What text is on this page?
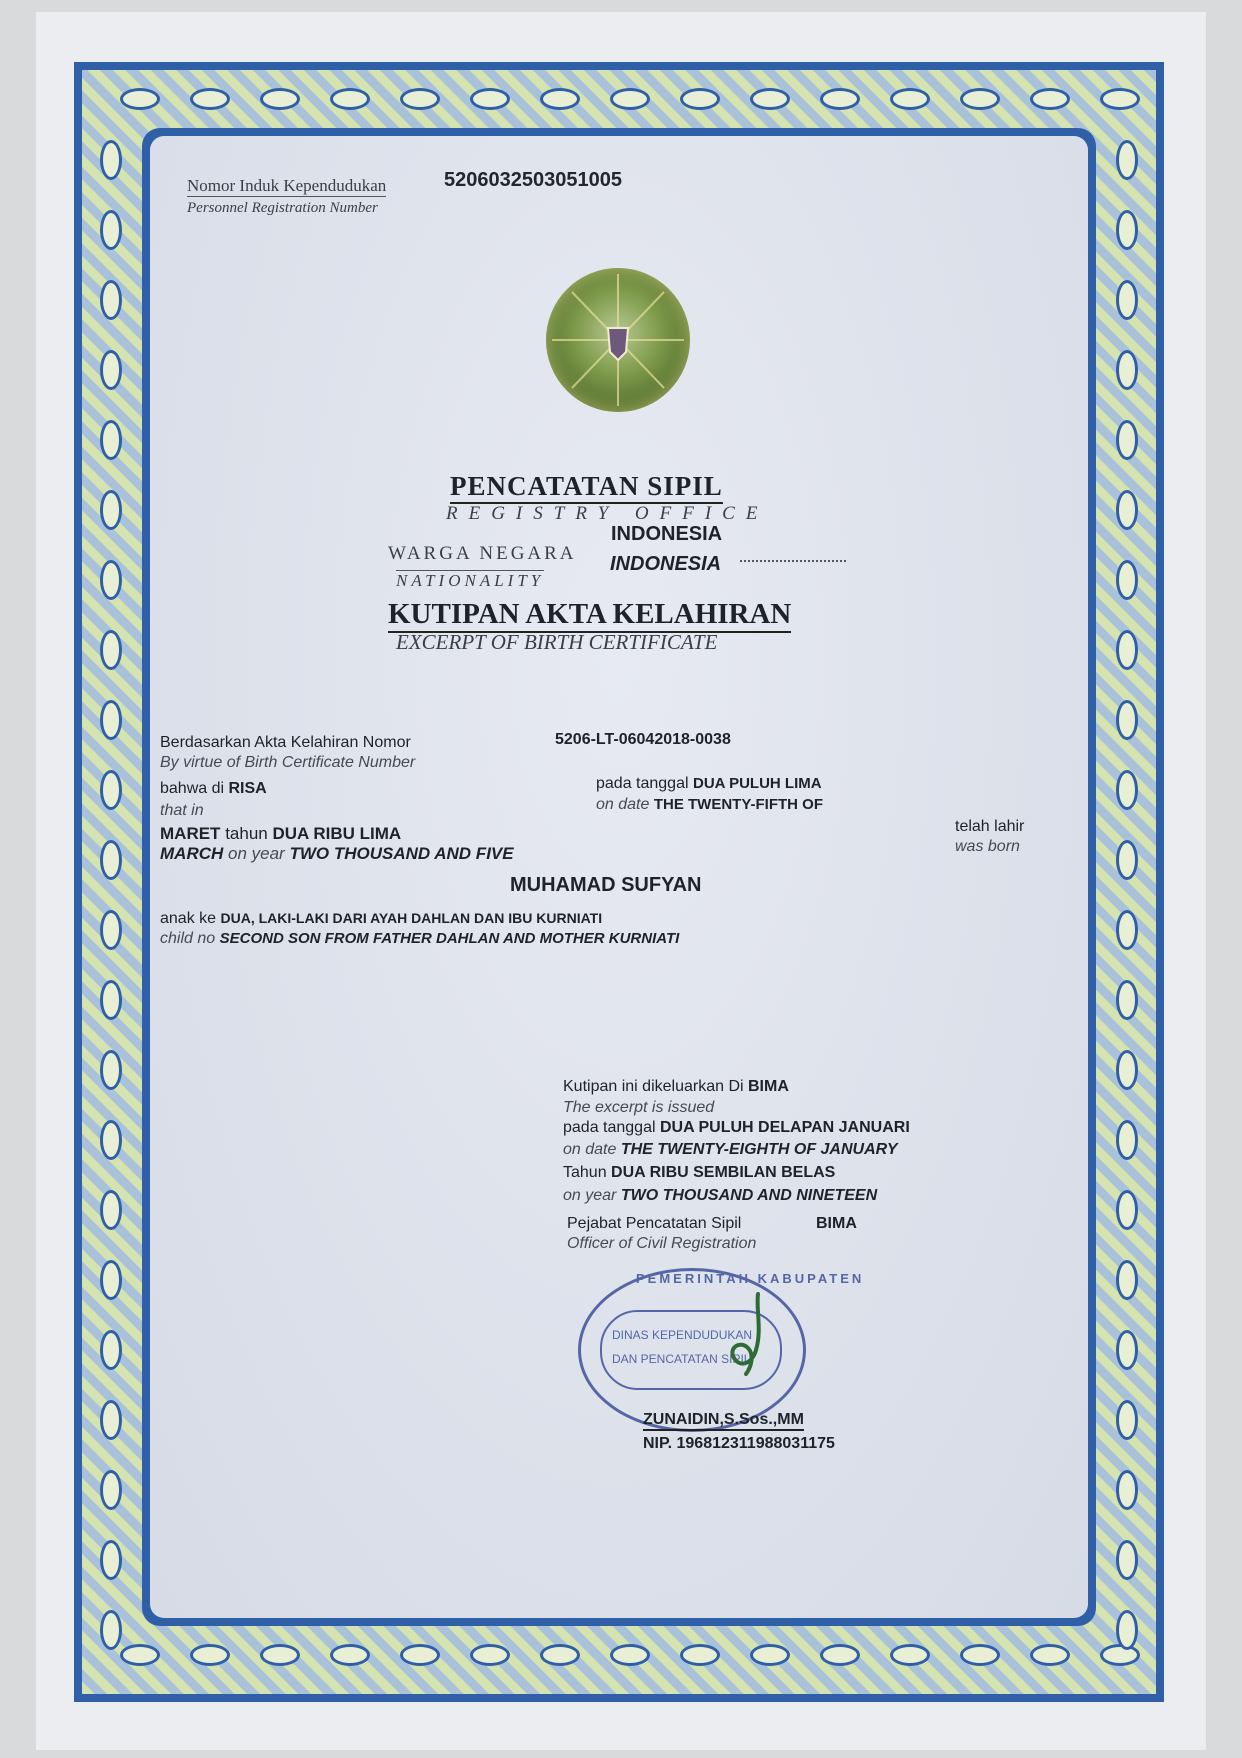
Nomor Induk Kependudukan
Personnel Registration Number
5206032503051005
PENCATATAN SIPIL
REGISTRY OFFICE
WARGA NEGARA
NATIONALITY
INDONESIA
INDONESIA
KUTIPAN AKTA KELAHIRAN
EXCERPT OF BIRTH CERTIFICATE
Berdasarkan Akta Kelahiran Nomor
By virtue of Birth Certificate Number
5206-LT-06042018-0038
bahwa di RISA
that in
pada tanggal DUA PULUH LIMA
on date THE TWENTY-FIFTH OF
MARET tahun DUA RIBU LIMA
MARCH on year TWO THOUSAND AND FIVE
telah lahir
was born
MUHAMAD SUFYAN
anak ke DUA, LAKI-LAKI DARI AYAH DAHLAN DAN IBU KURNIATI
child no SECOND SON FROM FATHER DAHLAN AND MOTHER KURNIATI
Kutipan ini dikeluarkan Di BIMA
The excerpt is issued
pada tanggal DUA PULUH DELAPAN JANUARI
on date THE TWENTY-EIGHTH OF JANUARY
Tahun DUA RIBU SEMBILAN BELAS
on year TWO THOUSAND AND NINETEEN
Pejabat Pencatatan Sipil	BIMA
Officer of Civil Registration
PEMERINTAH KABUPATEN
DINAS KEPENDUDUKAN
DAN PENCATATAN SIPIL
ZUNAIDIN,S.Sos.,MM
NIP. 196812311988031175
